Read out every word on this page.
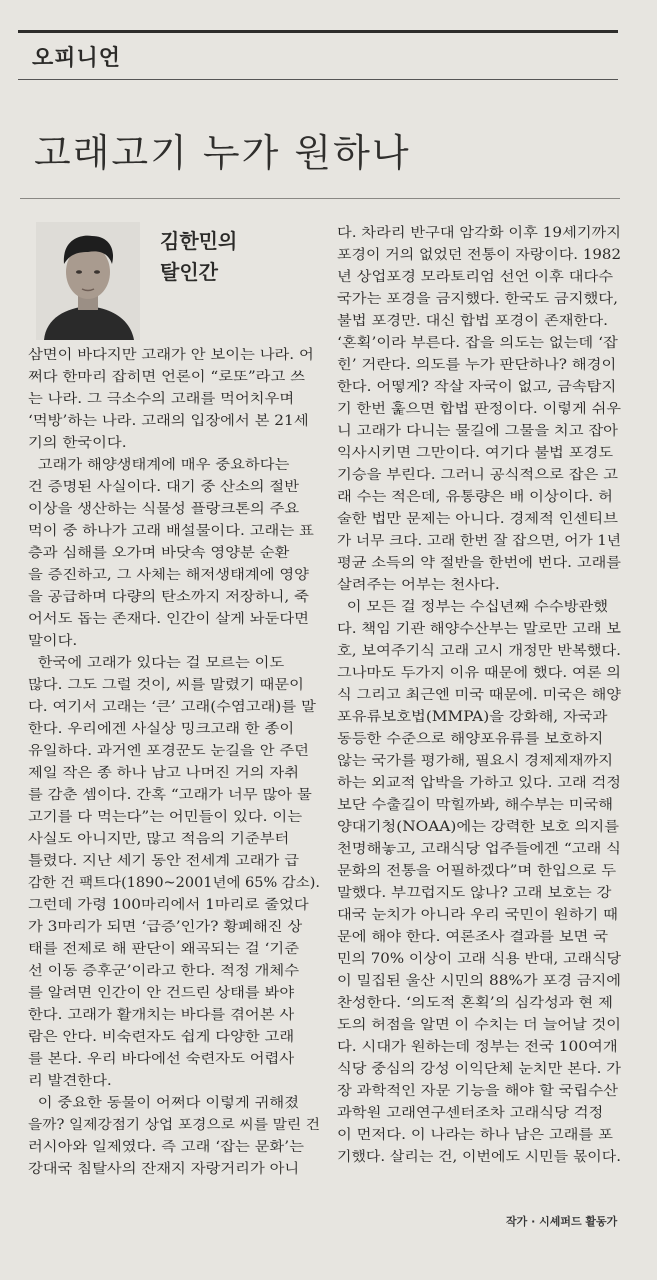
오피니언
고래고기 누가 원하나
김한민의
탈인간
삼면이 바다지만 고래가 안 보이는 나라. 어
쩌다 한마리 잡히면 언론이 “로또”라고 쓰
는 나라. 그 극소수의 고래를 먹어치우며
‘먹방’하는 나라. 고래의 입장에서 본 21세
기의 한국이다.
고래가 해양생태계에 매우 중요하다는
건 증명된 사실이다. 대기 중 산소의 절반
이상을 생산하는 식물성 플랑크톤의 주요
먹이 중 하나가 고래 배설물이다. 고래는 표
층과 심해를 오가며 바닷속 영양분 순환
을 증진하고, 그 사체는 해저생태계에 영양
을 공급하며 다량의 탄소까지 저장하니, 죽
어서도 돕는 존재다. 인간이 살게 놔둔다면
말이다.
한국에 고래가 있다는 걸 모르는 이도
많다. 그도 그럴 것이, 씨를 말렸기 때문이
다. 여기서 고래는 ‘큰’ 고래(수염고래)를 말
한다. 우리에겐 사실상 밍크고래 한 종이
유일하다. 과거엔 포경꾼도 눈길을 안 주던
제일 작은 종 하나 남고 나머진 거의 자취
를 감춘 셈이다. 간혹 “고래가 너무 많아 물
고기를 다 먹는다”는 어민들이 있다. 이는
사실도 아니지만, 많고 적음의 기준부터
틀렸다. 지난 세기 동안 전세계 고래가 급
감한 건 팩트다(1890~2001년에 65% 감소).
그런데 가령 100마리에서 1마리로 줄었다
가 3마리가 되면 ‘급증’인가? 황폐해진 상
태를 전제로 해 판단이 왜곡되는 걸 ‘기준
선 이동 증후군’이라고 한다. 적정 개체수
를 알려면 인간이 안 건드린 상태를 봐야
한다. 고래가 활개치는 바다를 겪어본 사
람은 안다. 비숙련자도 쉽게 다양한 고래
를 본다. 우리 바다에선 숙련자도 어렵사
리 발견한다.
이 중요한 동물이 어쩌다 이렇게 귀해졌
을까? 일제강점기 상업 포경으로 씨를 말린 건
러시아와 일제였다. 즉 고래 ‘잡는 문화’는
강대국 침탈사의 잔재지 자랑거리가 아니
다. 차라리 반구대 암각화 이후 19세기까지
포경이 거의 없었던 전통이 자랑이다. 1982
년 상업포경 모라토리엄 선언 이후 대다수
국가는 포경을 금지했다. 한국도 금지했다,
불법 포경만. 대신 합법 포경이 존재한다.
‘혼획’이라 부른다. 잡을 의도는 없는데 ‘잡
힌’ 거란다. 의도를 누가 판단하나? 해경이
한다. 어떻게? 작살 자국이 없고, 금속탐지
기 한번 훑으면 합법 판정이다. 이렇게 쉬우
니 고래가 다니는 물길에 그물을 치고 잡아
익사시키면 그만이다. 여기다 불법 포경도
기승을 부린다. 그러니 공식적으로 잡은 고
래 수는 적은데, 유통량은 배 이상이다. 허
술한 법만 문제는 아니다. 경제적 인센티브
가 너무 크다. 고래 한번 잘 잡으면, 어가 1년
평균 소득의 약 절반을 한번에 번다. 고래를
살려주는 어부는 천사다.
이 모든 걸 정부는 수십년째 수수방관했
다. 책임 기관 해양수산부는 말로만 고래 보
호, 보여주기식 고래 고시 개정만 반복했다.
그나마도 두가지 이유 때문에 했다. 여론 의
식 그리고 최근엔 미국 때문에. 미국은 해양
포유류보호법(MMPA)을 강화해, 자국과
동등한 수준으로 해양포유류를 보호하지
않는 국가를 평가해, 필요시 경제제재까지
하는 외교적 압박을 가하고 있다. 고래 걱정
보단 수출길이 막힐까봐, 해수부는 미국해
양대기청(NOAA)에는 강력한 보호 의지를
천명해놓고, 고래식당 업주들에겐 “고래 식
문화의 전통을 어필하겠다”며 한입으로 두
말했다. 부끄럽지도 않나? 고래 보호는 강
대국 눈치가 아니라 우리 국민이 원하기 때
문에 해야 한다. 여론조사 결과를 보면 국
민의 70% 이상이 고래 식용 반대, 고래식당
이 밀집된 울산 시민의 88%가 포경 금지에
찬성한다. ‘의도적 혼획’의 심각성과 현 제
도의 허점을 알면 이 수치는 더 늘어날 것이
다. 시대가 원하는데 정부는 전국 100여개
식당 중심의 강성 이익단체 눈치만 본다. 가
장 과학적인 자문 기능을 해야 할 국립수산
과학원 고래연구센터조차 고래식당 걱정
이 먼저다. 이 나라는 하나 남은 고래를 포
기했다. 살리는 건, 이번에도 시민들 몫이다.
작가 · 시셰퍼드 활동가
